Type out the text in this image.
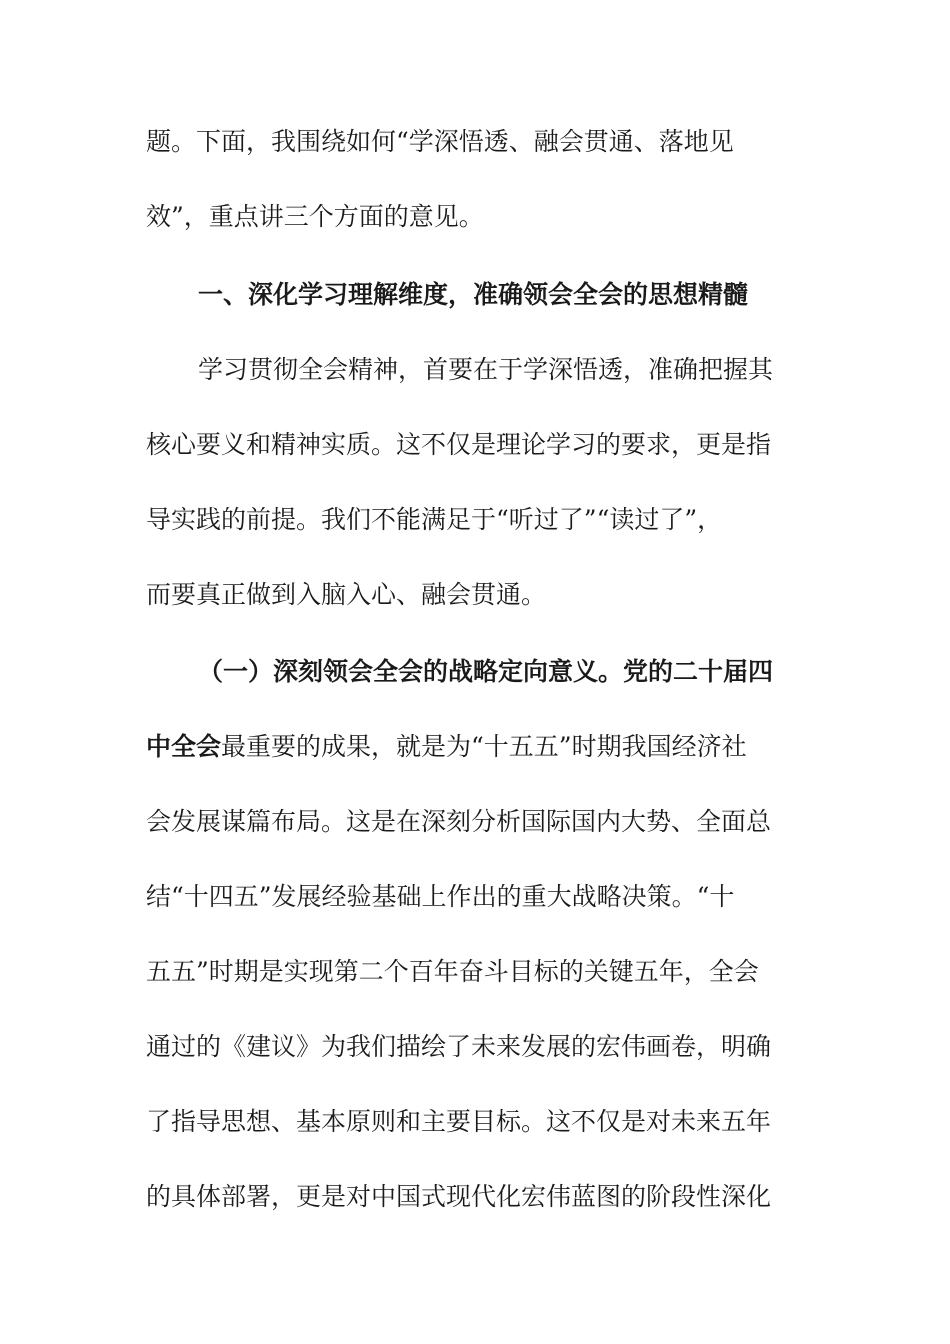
题。下面，我围绕如何“学深悟透、融会贯通、落地见
效”，重点讲三个方面的意见。
一、深化学习理解维度，准确领会全会的思想精髓
学习贯彻全会精神，首要在于学深悟透，准确把握其
核心要义和精神实质。这不仅是理论学习的要求，更是指
导实践的前提。我们不能满足于“听过了”“读过了”，
而要真正做到入脑入心、融会贯通。
（一）深刻领会全会的战略定向意义。党的二十届四
中全会最重要的成果，就是为“十五五”时期我国经济社
会发展谋篇布局。这是在深刻分析国际国内大势、全面总
结“十四五”发展经验基础上作出的重大战略决策。“十
五五”时期是实现第二个百年奋斗目标的关键五年，全会
通过的《建议》为我们描绘了未来发展的宏伟画卷，明确
了指导思想、基本原则和主要目标。这不仅是对未来五年
的具体部署，更是对中国式现代化宏伟蓝图的阶段性深化
